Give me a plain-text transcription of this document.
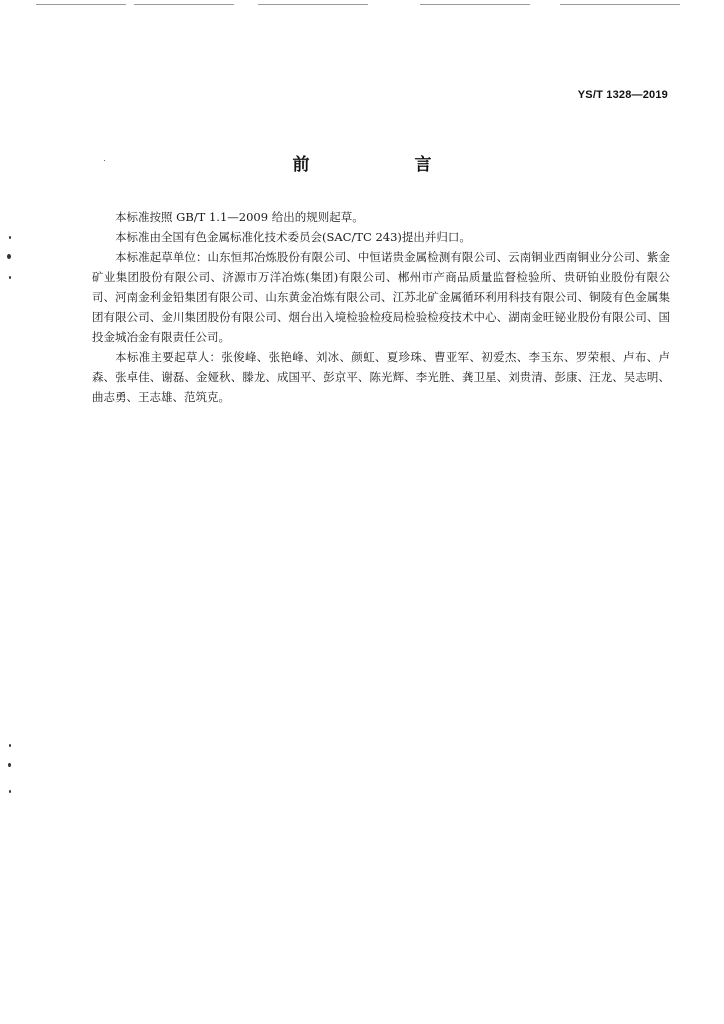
YS/T 1328—2019
前　言

本标准按照 GB/T 1.1—2009 给出的规则起草。

本标准由全国有色金属标准化技术委员会(SAC/TC 243)提出并归口。

本标准起草单位：山东恒邦冶炼股份有限公司、中恒诺贵金属检测有限公司、云南铜业西南铜业分公司、紫金矿业集团股份有限公司、济源市万洋冶炼(集团)有限公司、郴州市产商品质量监督检验所、贵研铂业股份有限公司、河南金利金铅集团有限公司、山东黄金冶炼有限公司、江苏北矿金属循环利用科技有限公司、铜陵有色金属集团有限公司、金川集团股份有限公司、烟台出入境检验检疫局检验检疫技术中心、湖南金旺铋业股份有限公司、国投金城冶金有限责任公司。

本标准主要起草人：张俊峰、张艳峰、刘冰、颜虹、夏珍珠、曹亚军、初爱杰、李玉东、罗荣根、卢布、卢森、张卓佳、谢磊、金娅秋、滕龙、成国平、彭京平、陈光辉、李光胜、龚卫星、刘贵清、彭康、汪龙、吴志明、曲志勇、王志雄、范筑克。
